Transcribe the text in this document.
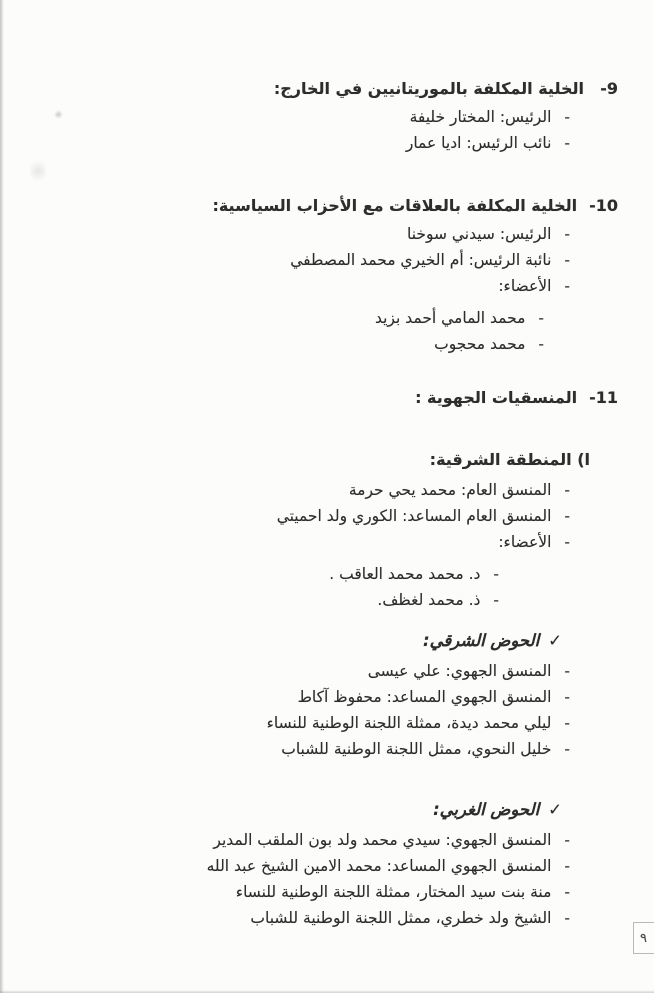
9-
الخلية المكلفة بالموريتانيين في الخارج:
-
الرئيس: المختار خليفة
-
نائب الرئيس: اديا عمار
10-
الخلية المكلفة بالعلاقات مع الأحزاب السياسية:
-
الرئيس: سيدني سوخنا
-
نائبة الرئيس: أم الخيري محمد المصطفي
-
الأعضاء:
-
محمد المامي أحمد بزيد
-
محمد محجوب
11-
المنسقيات الجهوية :
ا) المنطقة الشرقية:
-
المنسق العام: محمد يحي حرمة
-
المنسق العام المساعد: الكوري ولد احميتي
-
الأعضاء:
-
د. محمد محمد العاقب .
-
ذ. محمد لغظف.
✓
الحوض الشرقي:
-
المنسق الجهوي: علي عيسى
-
المنسق الجهوي المساعد: محفوظ آكاط
-
ليلي محمد ديدة، ممثلة اللجنة الوطنية للنساء
-
خليل النحوي، ممثل اللجنة الوطنية للشباب
✓
الحوض الغربي:
-
المنسق الجهوي: سيدي محمد ولد بون الملقب المدير
-
المنسق الجهوي المساعد: محمد الامين الشيخ عبد الله
-
منة بنت سيد المختار، ممثلة اللجنة الوطنية للنساء
-
الشيخ ولد خطري، ممثل اللجنة الوطنية للشباب
٩
